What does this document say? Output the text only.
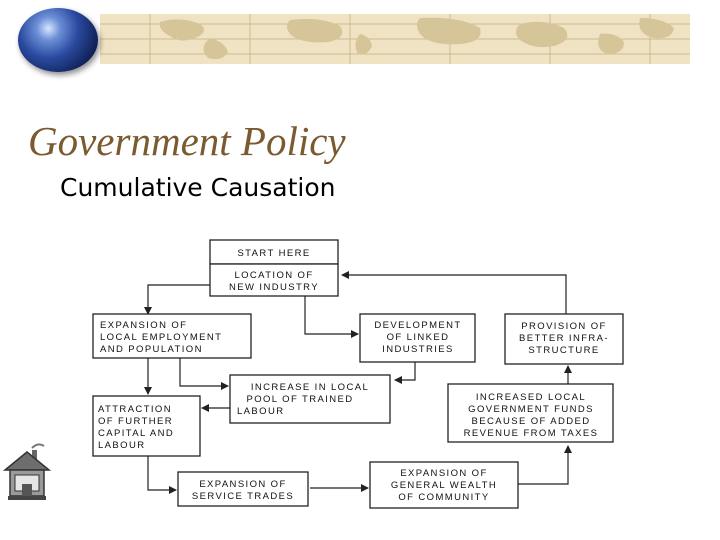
Government Policy
Cumulative Causation
START HERE
LOCATION OF
NEW INDUSTRY
EXPANSION OF
LOCAL EMPLOYMENT
AND POPULATION
DEVELOPMENT
OF LINKED
INDUSTRIES
PROVISION OF
BETTER INFRA-
STRUCTURE
INCREASE IN LOCAL
POOL OF TRAINED
LABOUR
ATTRACTION
OF FURTHER
CAPITAL AND
LABOUR
INCREASED LOCAL
GOVERNMENT FUNDS
BECAUSE OF ADDED
REVENUE FROM TAXES
EXPANSION OF
SERVICE TRADES
EXPANSION OF
GENERAL WEALTH
OF COMMUNITY
